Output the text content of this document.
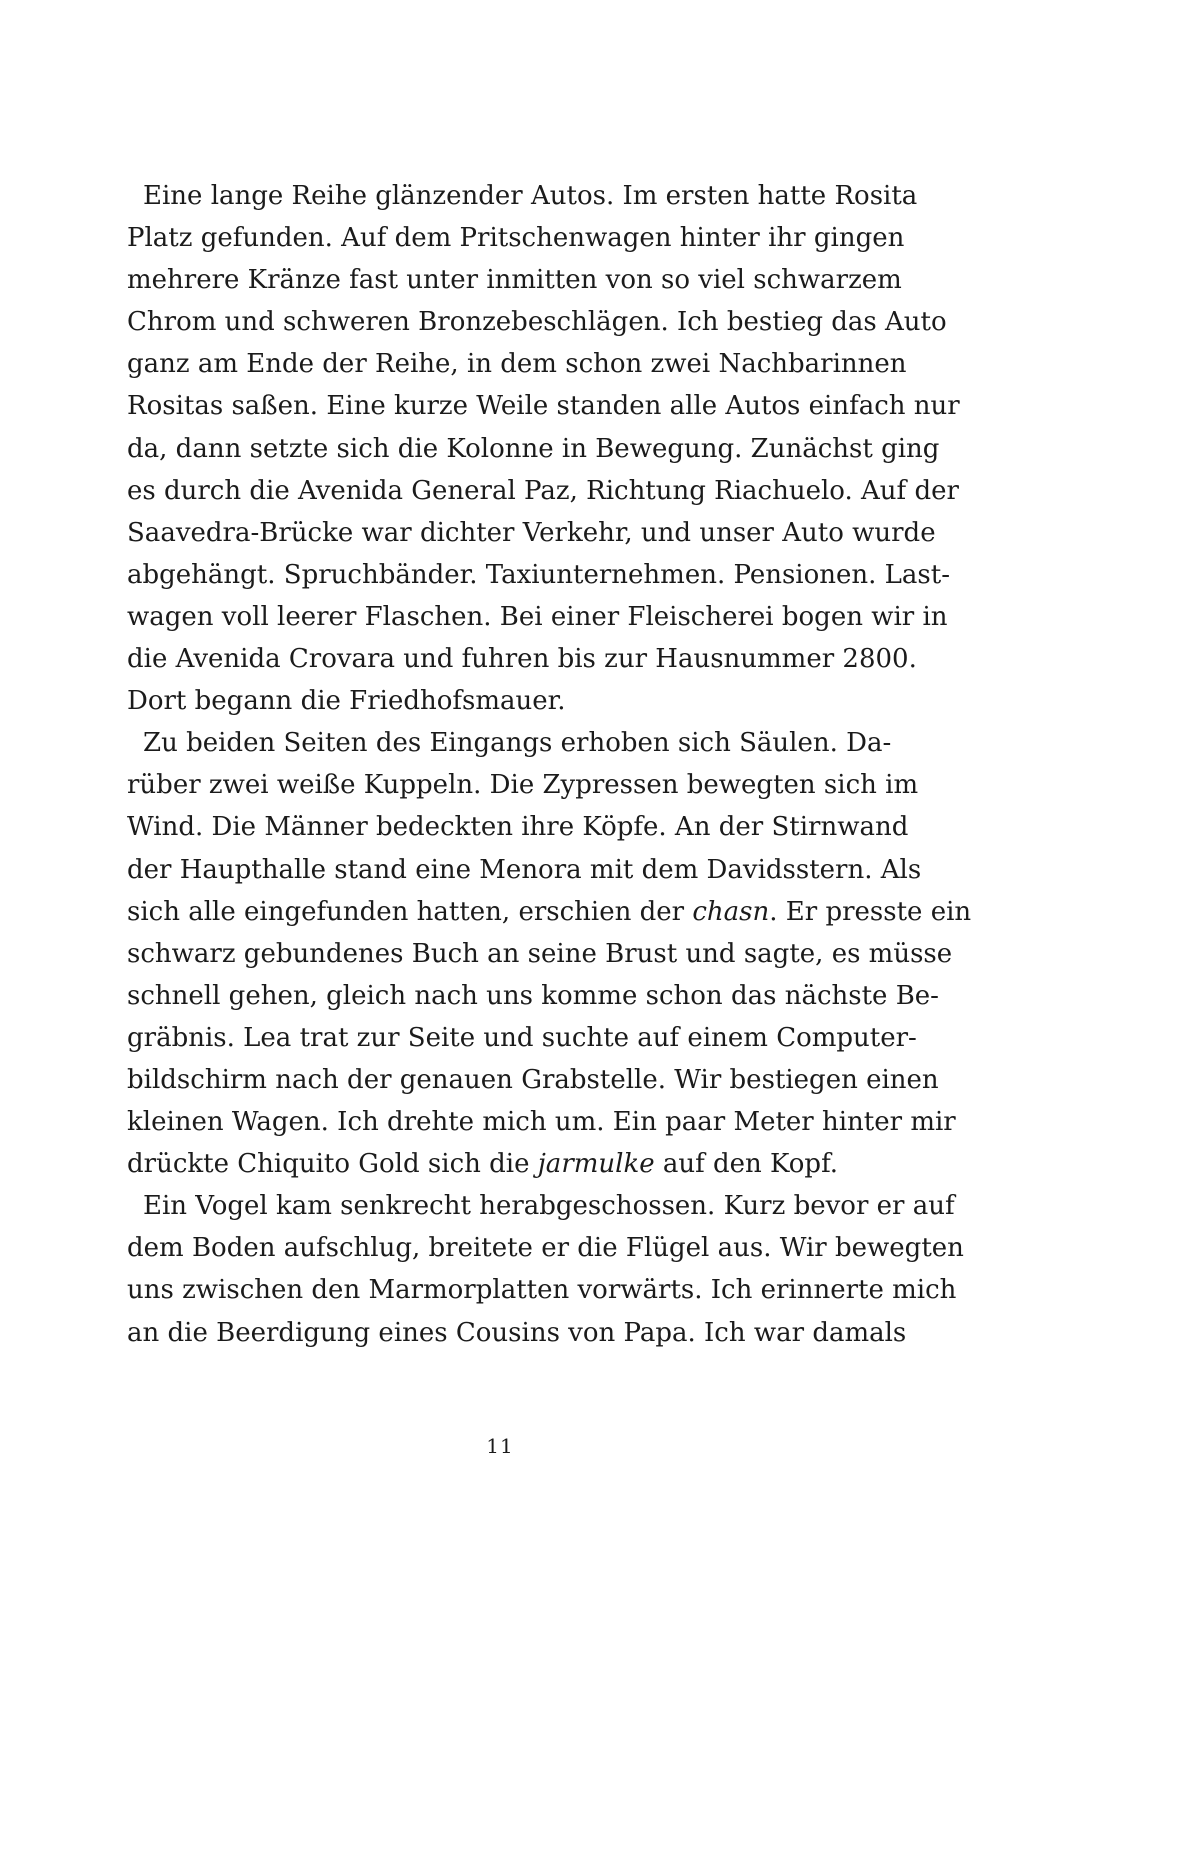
Eine lange Reihe glänzender Autos. Im ersten hatte Rosita
Platz gefunden. Auf dem Pritschenwagen hinter ihr gingen
mehrere Kränze fast unter inmitten von so viel schwarzem
Chrom und schweren Bronzebeschlägen. Ich bestieg das Auto
ganz am Ende der Reihe, in dem schon zwei Nachbarinnen
Rositas saßen. Eine kurze Weile standen alle Autos einfach nur
da, dann setzte sich die Kolonne in Bewegung. Zunächst ging
es durch die Avenida General Paz, Richtung Riachuelo. Auf der
Saavedra-Brücke war dichter Verkehr, und unser Auto wurde
abgehängt. Spruchbänder. Taxiunternehmen. Pensionen. Last-
wagen voll leerer Flaschen. Bei einer Fleischerei bogen wir in
die Avenida Crovara und fuhren bis zur Hausnummer 2800.
Dort begann die Friedhofsmauer.

Zu beiden Seiten des Eingangs erhoben sich Säulen. Da-
rüber zwei weiße Kuppeln. Die Zypressen bewegten sich im
Wind. Die Männer bedeckten ihre Köpfe. An der Stirnwand
der Haupthalle stand eine Menora mit dem Davidsstern. Als
sich alle eingefunden hatten, erschien der chasn. Er presste ein
schwarz gebundenes Buch an seine Brust und sagte, es müsse
schnell gehen, gleich nach uns komme schon das nächste Be-
gräbnis. Lea trat zur Seite und suchte auf einem Computer-
bildschirm nach der genauen Grabstelle. Wir bestiegen einen
kleinen Wagen. Ich drehte mich um. Ein paar Meter hinter mir
drückte Chiquito Gold sich die jarmulke auf den Kopf.

Ein Vogel kam senkrecht herabgeschossen. Kurz bevor er auf
dem Boden aufschlug, breitete er die Flügel aus. Wir bewegten
uns zwischen den Marmorplatten vorwärts. Ich erinnerte mich
an die Beerdigung eines Cousins von Papa. Ich war damals

11
